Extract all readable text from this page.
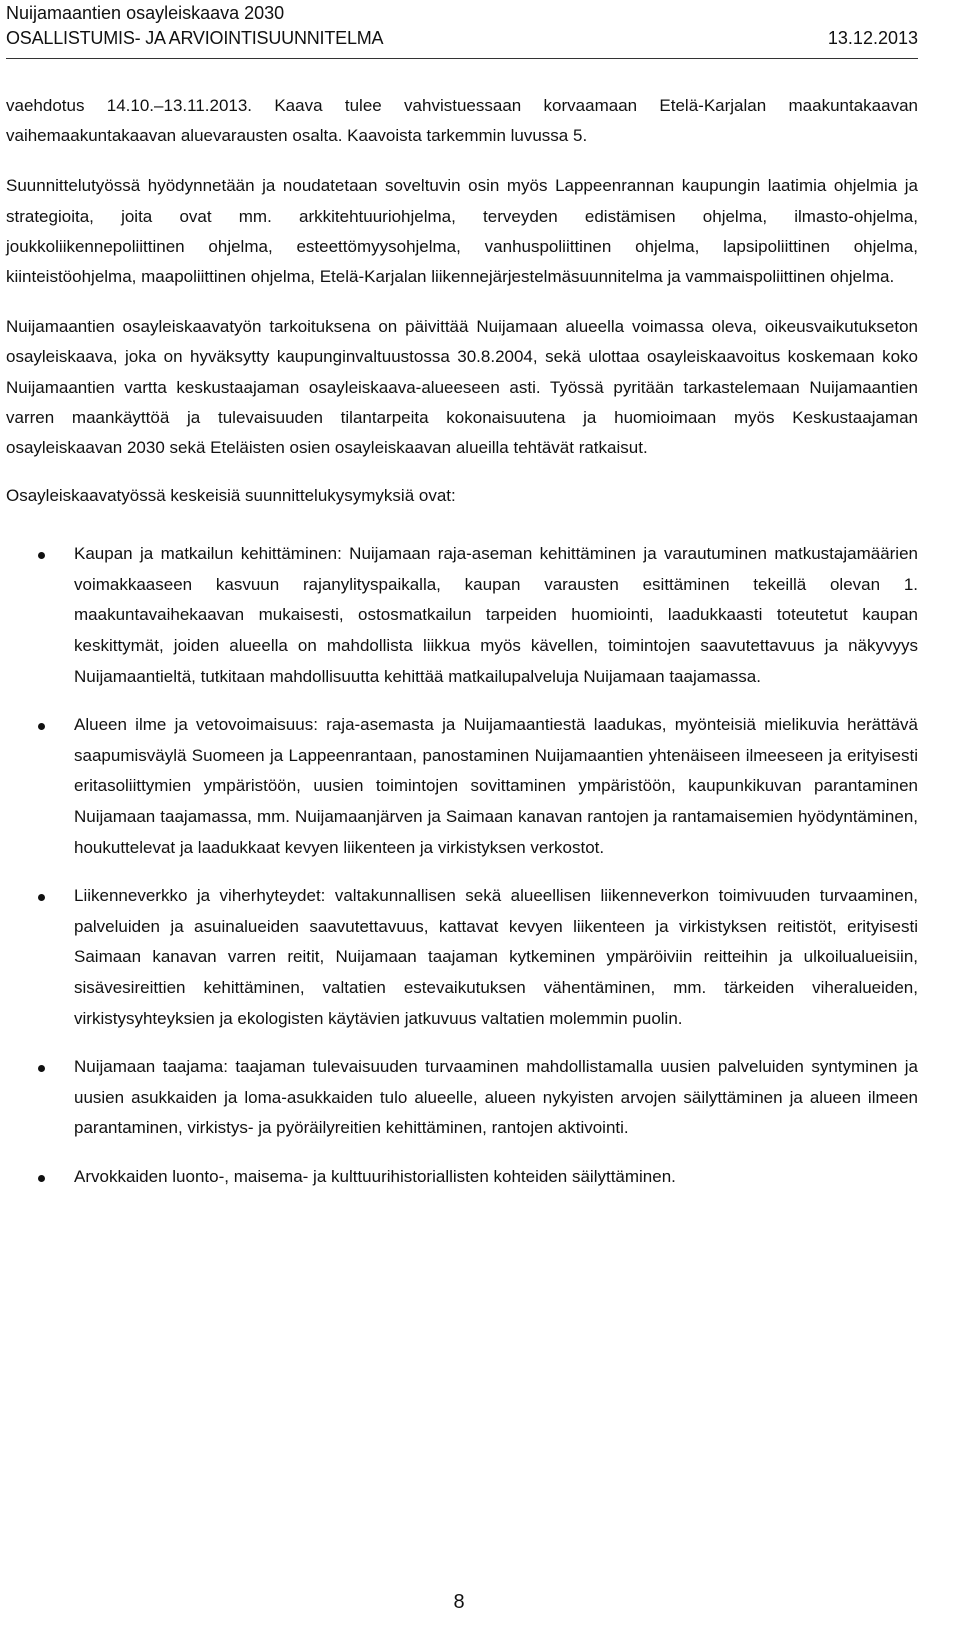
Nuijamaantien osayleiskaava 2030
OSALLISTUMIS- JA ARVIOINTISUUNNITELMA	13.12.2013

vaehdotus 14.10.–13.11.2013. Kaava tulee vahvistuessaan korvaamaan Etelä-Karjalan maakuntakaavan vaihemaakuntakaavan aluevarausten osalta. Kaavoista tarkemmin luvussa 5.

Suunnittelutyössä hyödynnetään ja noudatetaan soveltuvin osin myös Lappeenrannan kaupungin laatimia ohjelmia ja strategioita, joita ovat mm. arkkitehtuuriohjelma, terveyden edistämisen ohjelma, ilmasto-ohjelma, joukkoliikennepoliittinen ohjelma, esteettömyysohjelma, vanhuspoliittinen ohjelma, lapsipoliittinen ohjelma, kiinteistöohjelma, maapoliittinen ohjelma, Etelä-Karjalan liikennejärjestelmäsuunnitelma ja vammaispoliittinen ohjelma.

Nuijamaantien osayleiskaavatyön tarkoituksena on päivittää Nuijamaan alueella voimassa oleva, oikeusvaikutukseton osayleiskaava, joka on hyväksytty kaupunginvaltuustossa 30.8.2004, sekä ulottaa osayleiskaavoitus koskemaan koko Nuijamaantien vartta keskustaajaman osayleiskaava-alueeseen asti. Työssä pyritään tarkastelemaan Nuijamaantien varren maankäyttöä ja tulevaisuuden tilantarpeita kokonaisuutena ja huomioimaan myös Keskustaajaman osayleiskaavan 2030 sekä Eteläisten osien osayleiskaavan alueilla tehtävät ratkaisut.

Osayleiskaavatyössä keskeisiä suunnittelukysymyksiä ovat:

Kaupan ja matkailun kehittäminen: Nuijamaan raja-aseman kehittäminen ja varautuminen matkustajamäärien voimakkaaseen kasvuun rajanylityspaikalla, kaupan varausten esittäminen tekeillä olevan 1. maakuntavaihekaavan mukaisesti, ostosmatkailun tarpeiden huomiointi, laadukkaasti toteutetut kaupan keskittymät, joiden alueella on mahdollista liikkua myös kävellen, toimintojen saavutettavuus ja näkyvyys Nuijamaantieltä, tutkitaan mahdollisuutta kehittää matkailupalveluja Nuijamaan taajamassa.
Alueen ilme ja vetovoimaisuus: raja-asemasta ja Nuijamaantiestä laadukas, myönteisiä mielikuvia herättävä saapumisväylä Suomeen ja Lappeenrantaan, panostaminen Nuijamaantien yhtenäiseen ilmeeseen ja erityisesti eritasoliittymien ympäristöön, uusien toimintojen sovittaminen ympäristöön, kaupunkikuvan parantaminen Nuijamaan taajamassa, mm. Nuijamaanjärven ja Saimaan kanavan rantojen ja rantamaisemien hyödyntäminen, houkuttelevat ja laadukkaat kevyen liikenteen ja virkistyksen verkostot.
Liikenneverkko ja viherhyteydet: valtakunnallisen sekä alueellisen liikenneverkon toimivuuden turvaaminen, palveluiden ja asuinalueiden saavutettavuus, kattavat kevyen liikenteen ja virkistyksen reitistöt, erityisesti Saimaan kanavan varren reitit, Nuijamaan taajaman kytkeminen ympäröiviin reitteihin ja ulkoilualueisiin, sisävesireittien kehittäminen, valtatien estevaikutuksen vähentäminen, mm. tärkeiden viheralueiden, virkistysyhteyksien ja ekologisten käytävien jatkuvuus valtatien molemmin puolin.
Nuijamaan taajama: taajaman tulevaisuuden turvaaminen mahdollistamalla uusien palveluiden syntyminen ja uusien asukkaiden ja loma-asukkaiden tulo alueelle, alueen nykyisten arvojen säilyttäminen ja alueen ilmeen parantaminen, virkistys- ja pyöräilyreitien kehittäminen, rantojen aktivointi.
Arvokkaiden luonto-, maisema- ja kulttuurihistoriallisten kohteiden säilyttäminen.
8
